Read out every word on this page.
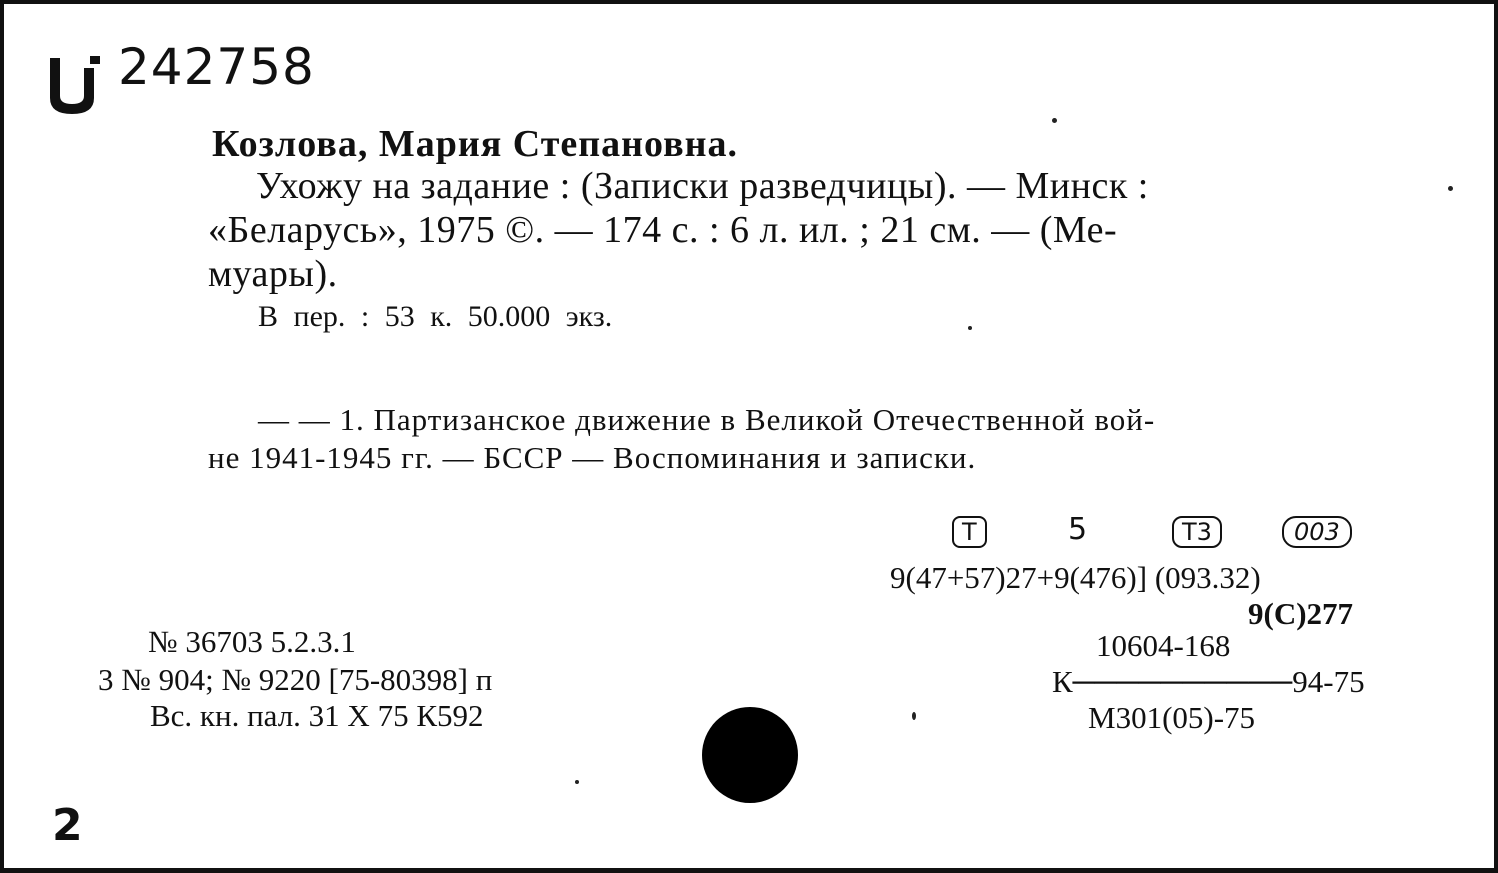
242758
Козлова, Мария Степановна.
Ухожу на задание : (Записки разведчицы). — Минск :
«Беларусь», 1975 ©. — 174 с. : 6 л. ил. ; 21 см. — (Ме-
муары).
В пер. : 53 к. 50.000 экз.
— — 1. Партизанское движение в Великой Отечественной вой-
не 1941-1945 гг. — БССР — Воспоминания и записки.
Т	5	Т3	003
9(47+57)27+9(476)] (093.32)
9(С)277
№ 36703 5.2.3.1
3 № 904; № 9220 [75-80398] п
Вс. кн. пал. 31 Х 75 К592
10604-168
К──────────94-75
М301(05)-75
2
